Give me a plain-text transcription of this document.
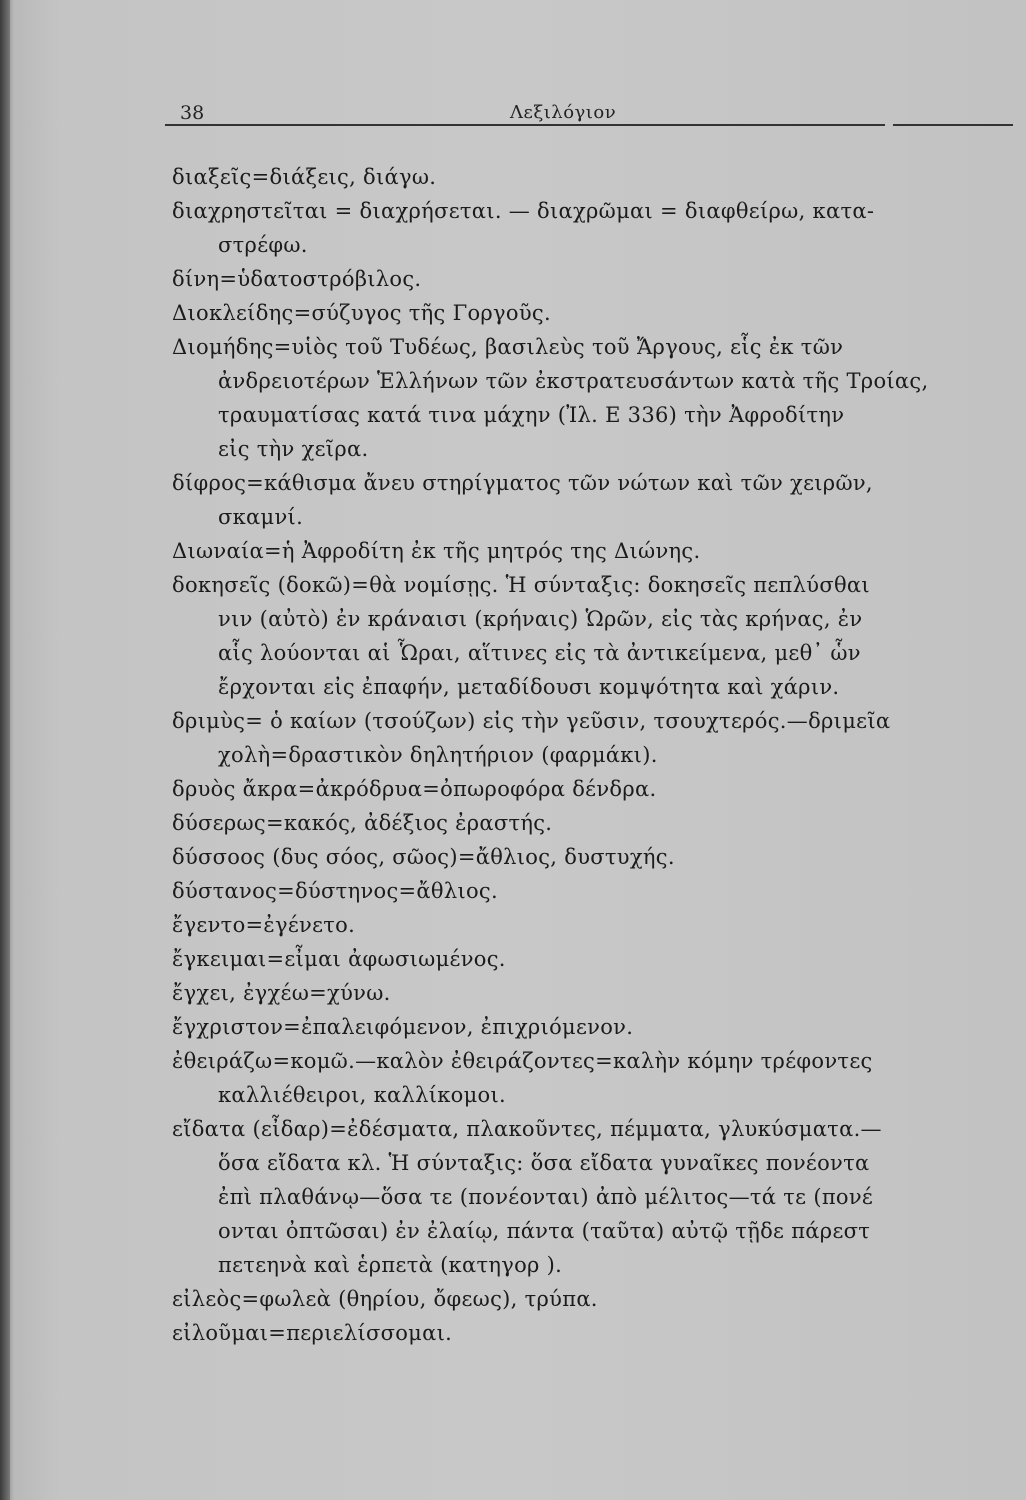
38	Λεξιλόγιον
διαξεῖς=διάξεις, διάγω.
διαχρηστεῖται = διαχρήσεται. — διαχρῶμαι = διαφθείρω, κατα-
στρέφω.
δίνη=ὑδατοστρόβιλος.
Διοκλείδης=σύζυγος τῆς Γοργοῦς.
Διομήδης=υἱὸς τοῦ Τυδέως, βασιλεὺς τοῦ Ἄργους, εἷς ἐκ τῶν
ἀνδρειοτέρων Ἑλλήνων τῶν ἐκστρατευσάντων κατὰ τῆς Τροίας,
τραυματίσας κατά τινα μάχην (Ἰλ. Ε 336) τὴν Ἀφροδίτην
εἰς τὴν χεῖρα.
δίφρος=κάθισμα ἄνευ στηρίγματος τῶν νώτων καὶ τῶν χειρῶν,
σκαμνί.
Διωναία=ἡ Ἀφροδίτη ἐκ τῆς μητρός της Διώνης.
δοκησεῖς (δοκῶ)=θὰ νομίσῃς. Ἡ σύνταξις: δοκησεῖς πεπλύσθαι
νιν (αὐτὸ) ἐν κράναισι (κρήναις) Ὡρῶν, εἰς τὰς κρήνας, ἐν
αἷς λούονται αἱ Ὧραι, αἵτινες εἰς τὰ ἀντικείμενα, μεθ᾽ ὧν
ἔρχονται εἰς ἐπαφήν, μεταδίδουσι κομψότητα καὶ χάριν.
δριμὺς= ὁ καίων (τσούζων) εἰς τὴν γεῦσιν, τσουχτερός.—δριμεῖα
χολὴ=δραστικὸν δηλητήριον (φαρμάκι).
δρυὸς ἄκρα=ἀκρόδρυα=ὀπωροφόρα δένδρα.
δύσερως=κακός, ἀδέξιος ἐραστής.
δύσσοος (δυς σόος, σῶος)=ἄθλιος, δυστυχής.
δύστανος=δύστηνος=ἄθλιος.
ἔγεντο=ἐγένετο.
ἔγκειμαι=εἶμαι ἀφωσιωμένος.
ἔγχει, ἐγχέω=χύνω.
ἔγχριστον=ἐπαλειφόμενον, ἐπιχριόμενον.
ἐθειράζω=κομῶ.—καλὸν ἐθειράζοντες=καλὴν κόμην τρέφοντες
καλλιέθειροι, καλλίκομοι.
εἴδατα (εἶδαρ)=ἐδέσματα, πλακοῦντες, πέμματα, γλυκύσματα.—
ὅσα εἴδατα κλ. Ἡ σύνταξις: ὅσα εἴδατα γυναῖκες πονέοντα
ἐπὶ πλαθάνῳ—ὅσα τε (πονέονται) ἀπὸ μέλιτος—τά τε (πονέ
ονται ὀπτῶσαι) ἐν ἐλαίῳ, πάντα (ταῦτα) αὐτῷ τῇδε πάρεστ
πετεηνὰ καὶ ἑρπετὰ (κατηγορ ).
εἰλεὸς=φωλεὰ (θηρίου, ὄφεως), τρύπα.
εἰλοῦμαι=περιελίσσομαι.
